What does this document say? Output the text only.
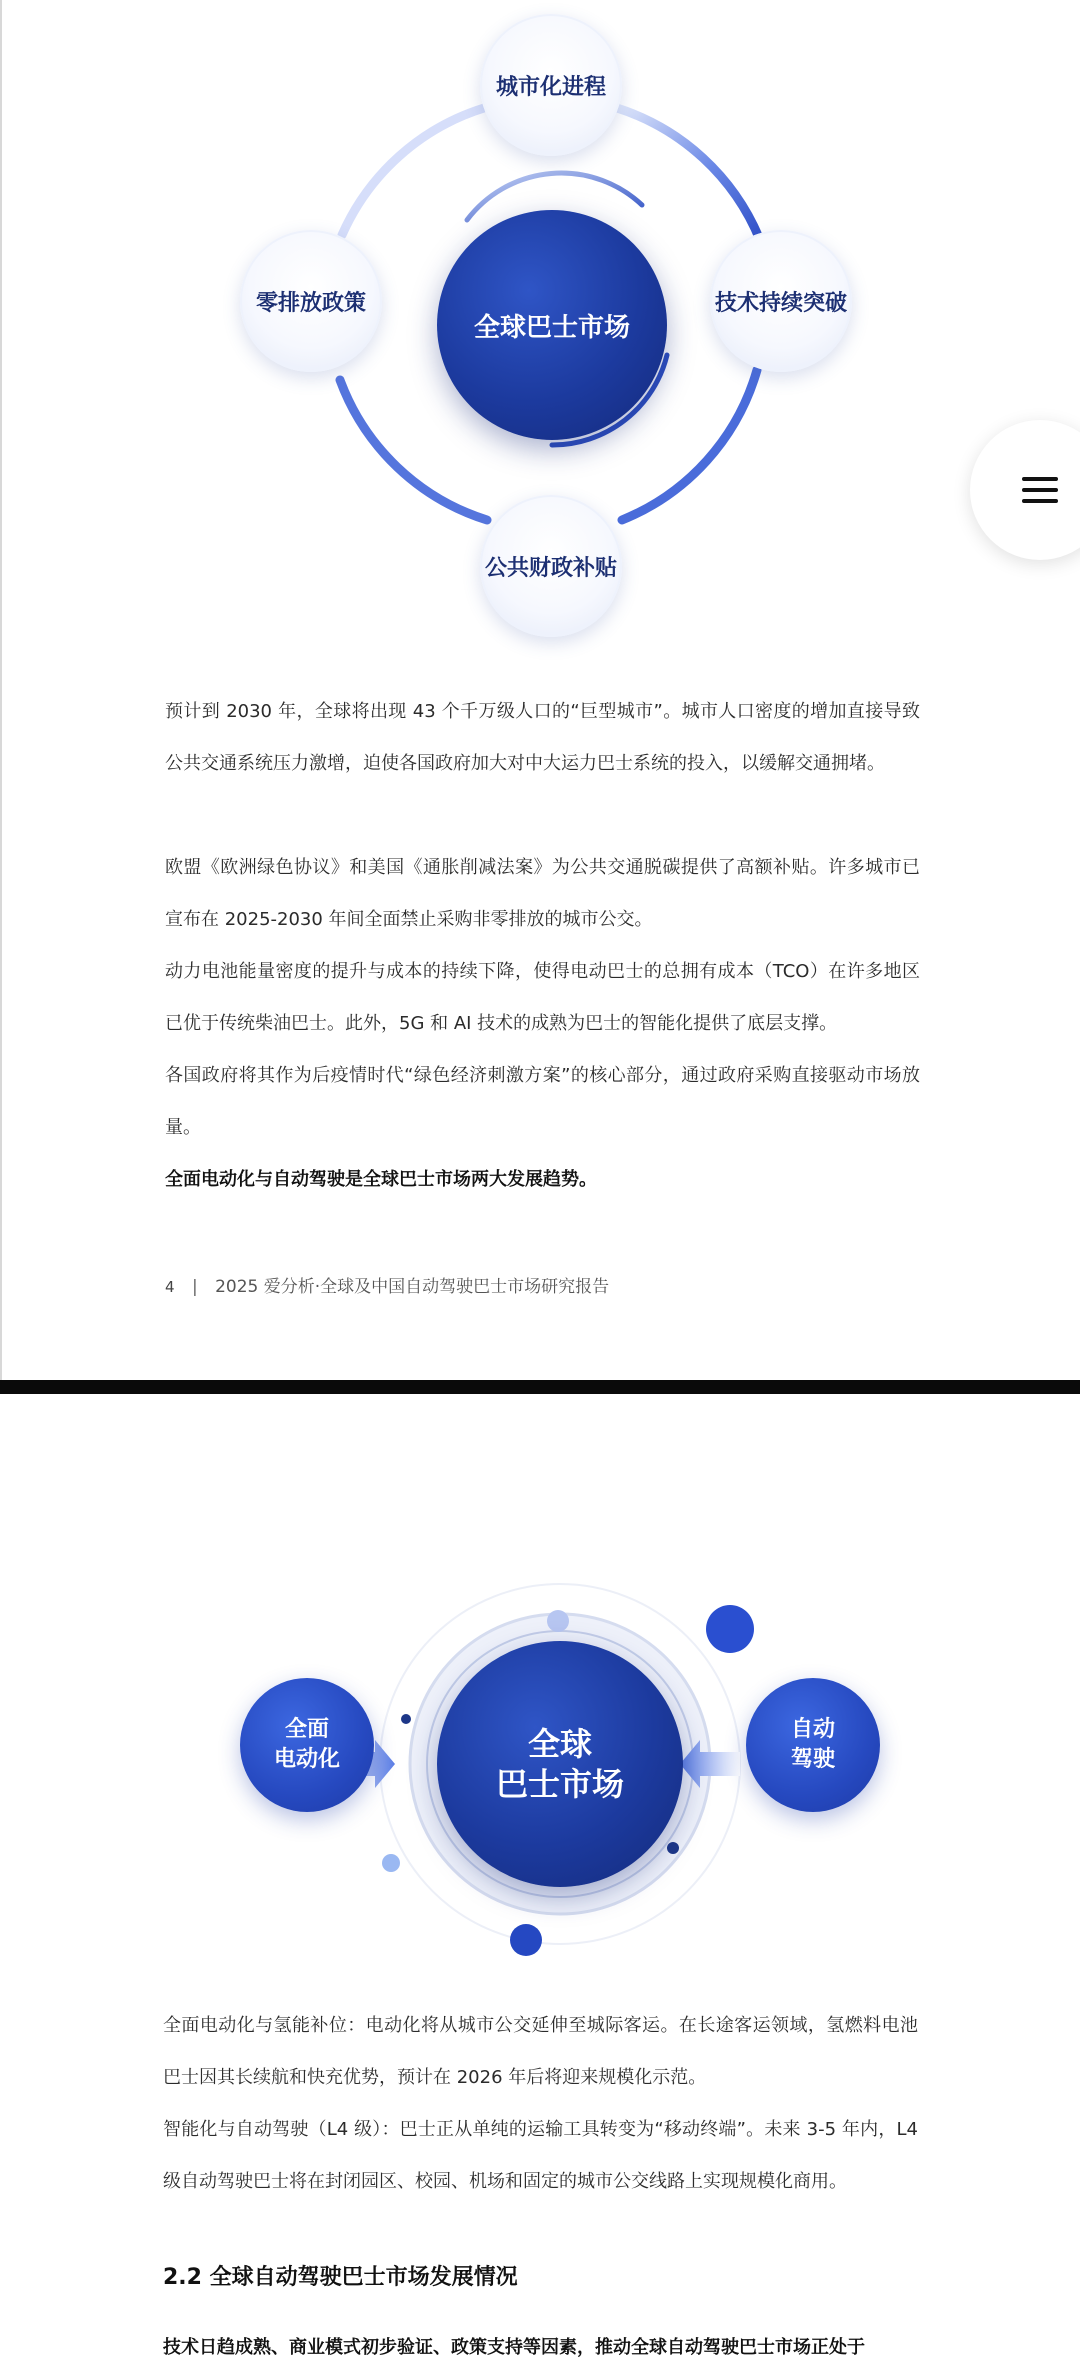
全球巴士市场
城市化进程
技术持续突破
公共财政补贴
零排放政策

预计到 2030 年，全球将出现 43 个千万级人口的“巨型城市”。城市人口密度的增加直接导致公共交通系统压力激增，迫使各国政府加大对中大运力巴士系统的投入，以缓解交通拥堵。

欧盟《欧洲绿色协议》和美国《通胀削减法案》为公共交通脱碳提供了高额补贴。许多城市已宣布在 2025-2030 年间全面禁止采购非零排放的城市公交。

动力电池能量密度的提升与成本的持续下降，使得电动巴士的总拥有成本（TCO）在许多地区已优于传统柴油巴士。此外，5G 和 AI 技术的成熟为巴士的智能化提供了底层支撑。

各国政府将其作为后疫情时代“绿色经济刺激方案”的核心部分，通过政府采购直接驱动市场放量。

全面电动化与自动驾驶是全球巴士市场两大发展趋势。

4 | 2025 爱分析·全球及中国自动驾驶巴士市场研究报告
全球
巴士市场
全面
电动化
自动
驾驶

全面电动化与氢能补位：电动化将从城市公交延伸至城际客运。在长途客运领域，氢燃料电池巴士因其长续航和快充优势，预计在 2026 年后将迎来规模化示范。

智能化与自动驾驶（L4 级）：巴士正从单纯的运输工具转变为“移动终端”。未来 3-5 年内，L4 级自动驾驶巴士将在封闭园区、校园、机场和固定的城市公交线路上实现规模化商用。

2.2 全球自动驾驶巴士市场发展情况

技术日趋成熟、商业模式初步验证、政策支持等因素，推动全球自动驾驶巴士市场正处于
